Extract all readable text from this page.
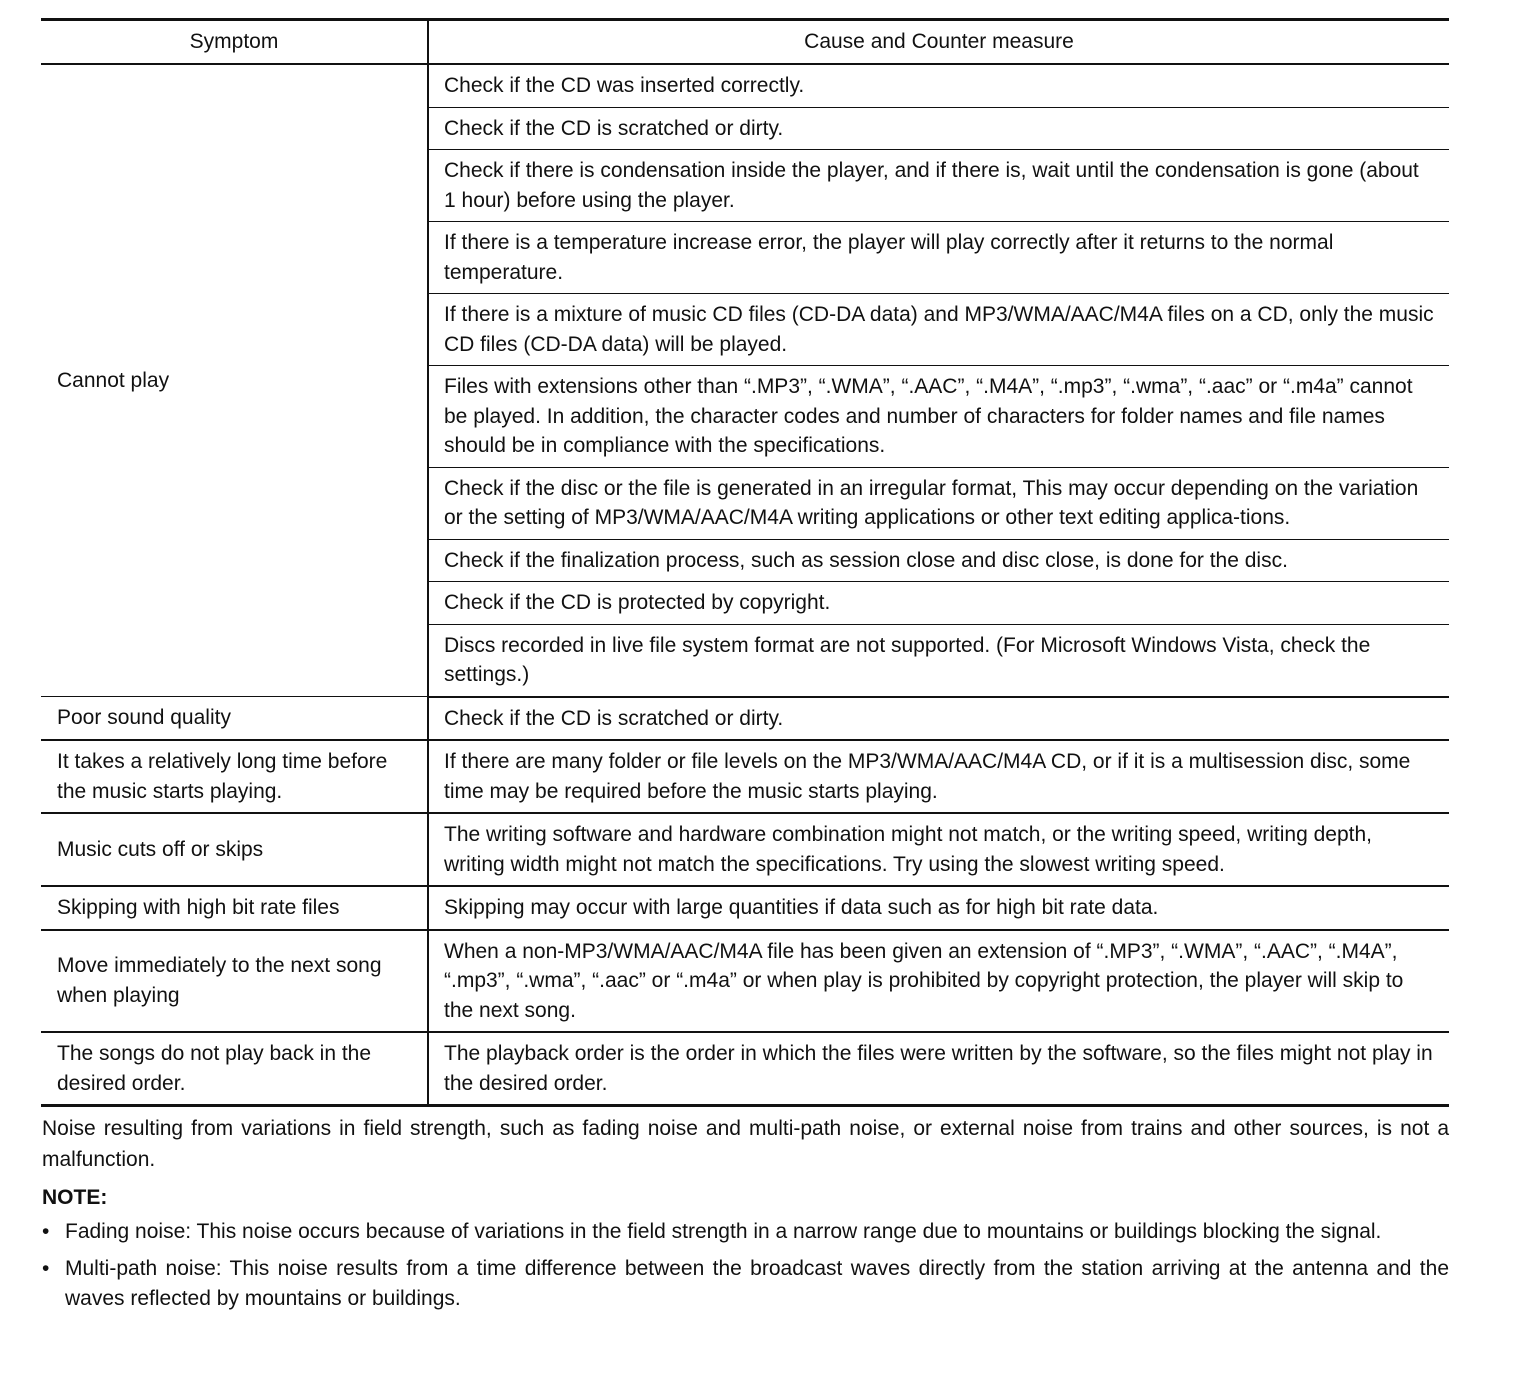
Symptom	Cause and Counter measure
Cannot play	Check if the CD was inserted correctly.
	Check if the CD is scratched or dirty.
	Check if there is condensation inside the player, and if there is, wait until the condensation is gone (about 1 hour) before using the player.
	If there is a temperature increase error, the player will play correctly after it returns to the normal temperature.
	If there is a mixture of music CD files (CD-DA data) and MP3/WMA/AAC/M4A files on a CD, only the music CD files (CD-DA data) will be played.
	Files with extensions other than “.MP3”, “.WMA”, “.AAC”, “.M4A”, “.mp3”, “.wma”, “.aac” or “.m4a” cannot be played. In addition, the character codes and number of characters for folder names and file names should be in compliance with the specifications.
	Check if the disc or the file is generated in an irregular format, This may occur depending on the variation or the setting of MP3/WMA/AAC/M4A writing applications or other text editing applica-tions.
	Check if the finalization process, such as session close and disc close, is done for the disc.
	Check if the CD is protected by copyright.
	Discs recorded in live file system format are not supported. (For Microsoft Windows Vista, check the settings.)
Poor sound quality	Check if the CD is scratched or dirty.
It takes a relatively long time before the music starts playing.	If there are many folder or file levels on the MP3/WMA/AAC/M4A CD, or if it is a multisession disc, some time may be required before the music starts playing.
Music cuts off or skips	The writing software and hardware combination might not match, or the writing speed, writing depth, writing width might not match the specifications. Try using the slowest writing speed.
Skipping with high bit rate files	Skipping may occur with large quantities if data such as for high bit rate data.
Move immediately to the next song when playing	When a non-MP3/WMA/AAC/M4A file has been given an extension of “.MP3”, “.WMA”, “.AAC”, “.M4A”, “.mp3”, “.wma”, “.aac” or “.m4a” or when play is prohibited by copyright protection, the player will skip to the next song.
The songs do not play back in the desired order.	The playback order is the order in which the files were written by the software, so the files might not play in the desired order.

Noise resulting from variations in field strength, such as fading noise and multi-path noise, or external noise from trains and other sources, is not a malfunction.

NOTE:
• Fading noise: This noise occurs because of variations in the field strength in a narrow range due to mountains or buildings blocking the signal.
• Multi-path noise: This noise results from a time difference between the broadcast waves directly from the station arriving at the antenna and the waves reflected by mountains or buildings.
